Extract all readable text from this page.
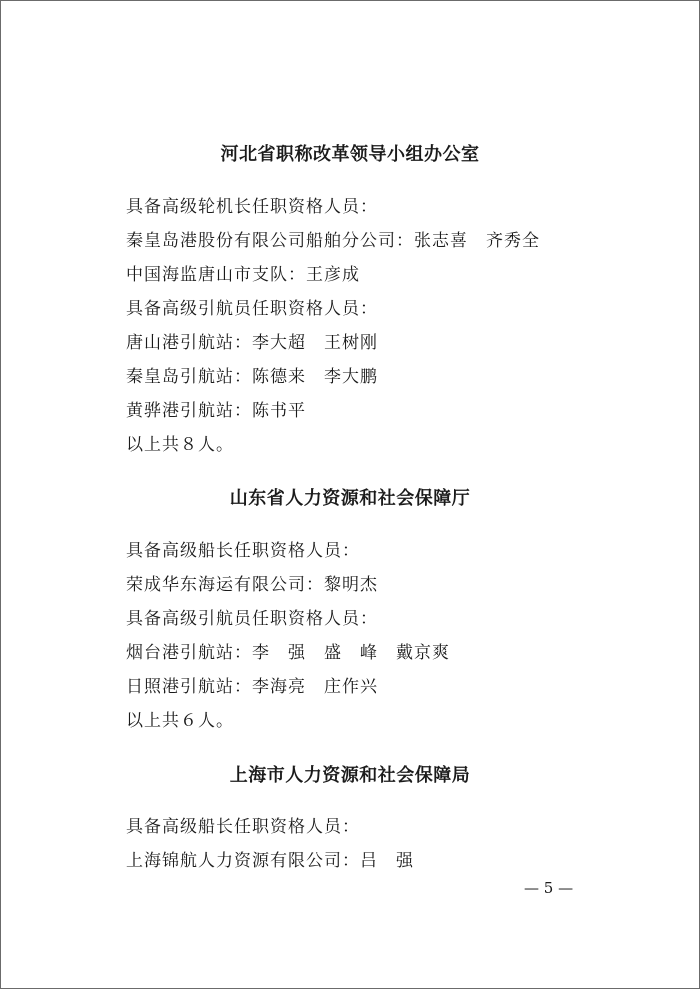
河北省职称改革领导小组办公室
具备高级轮机长任职资格人员：
秦皇岛港股份有限公司船舶分公司：张志喜　齐秀全
中国海监唐山市支队：王彦成
具备高级引航员任职资格人员：
唐山港引航站：李大超　王树刚
秦皇岛引航站：陈德来　李大鹏
黄骅港引航站：陈书平
以上共８人。
山东省人力资源和社会保障厅
具备高级船长任职资格人员：
荣成华东海运有限公司：黎明杰
具备高级引航员任职资格人员：
烟台港引航站：李　强　盛　峰　戴京爽
日照港引航站：李海亮　庄作兴
以上共６人。
上海市人力资源和社会保障局
具备高级船长任职资格人员：
上海锦航人力资源有限公司：吕　强
— 5 —
